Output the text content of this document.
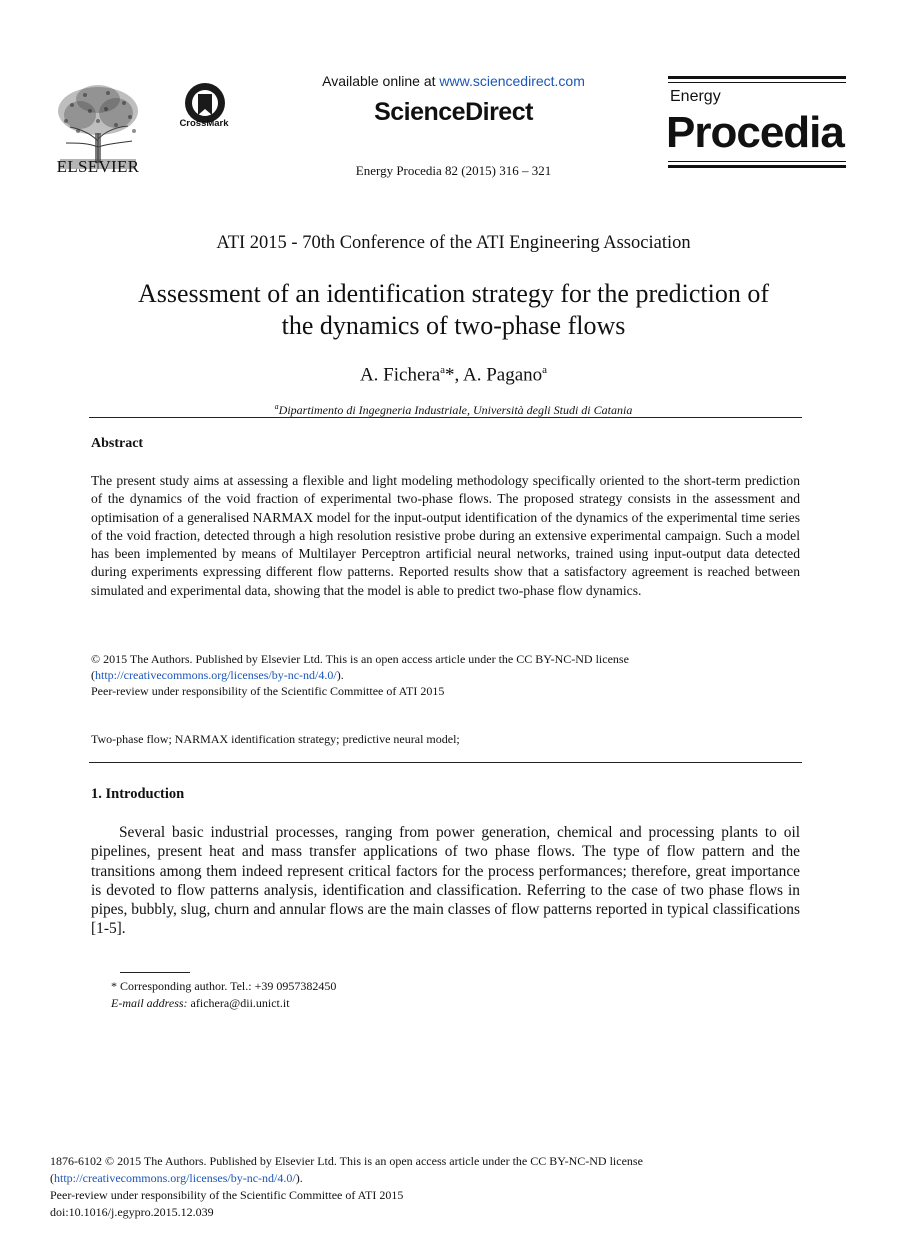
ELSEVIER
CrossMark
Available online at www.sciencedirect.com
ScienceDirect
Energy Procedia 82 (2015) 316 – 321
Energy
Procedia
ATI 2015 - 70th Conference of the ATI Engineering Association
Assessment of an identification strategy for the prediction of
the dynamics of two-phase flows
A. Fichera$^a$*, A. Pagano$^a$
$^a$Dipartimento di Ingegneria Industriale, Università degli Studi di Catania
Abstract
The present study aims at assessing a flexible and light modeling methodology specifically oriented to the short-term prediction of the dynamics of the void fraction of experimental two-phase flows. The proposed strategy consists in the assessment and optimisation of a generalised NARMAX model for the input-output identification of the dynamics of the experimental time series of the void fraction, detected through a high resolution resistive probe during an extensive experimental campaign. Such a model has been implemented by means of Multilayer Perceptron artificial neural networks, trained using input-output data detected during experiments expressing different flow patterns. Reported results show that a satisfactory agreement is reached between simulated and experimental data, showing that the model is able to predict two-phase flow dynamics.
© 2015 The Authors. Published by Elsevier Ltd. This is an open access article under the CC BY-NC-ND license
(http://creativecommons.org/licenses/by-nc-nd/4.0/).
Peer-review under responsibility of the Scientific Committee of ATI 2015
Two-phase flow; NARMAX identification strategy; predictive neural model;
1. Introduction
Several basic industrial processes, ranging from power generation, chemical and processing plants to oil pipelines, present heat and mass transfer applications of two phase flows. The type of flow pattern and the transitions among them indeed represent critical factors for the process performances; therefore, great importance is devoted to flow patterns analysis, identification and classification. Referring to the case of two phase flows in pipes, bubbly, slug, churn and annular flows are the main classes of flow patterns reported in typical classifications [1-5].
* Corresponding author. Tel.: +39 0957382450
E-mail address: afichera@dii.unict.it
1876-6102 © 2015 The Authors. Published by Elsevier Ltd. This is an open access article under the CC BY-NC-ND license
(http://creativecommons.org/licenses/by-nc-nd/4.0/).
Peer-review under responsibility of the Scientific Committee of ATI 2015
doi:10.1016/j.egypro.2015.12.039
